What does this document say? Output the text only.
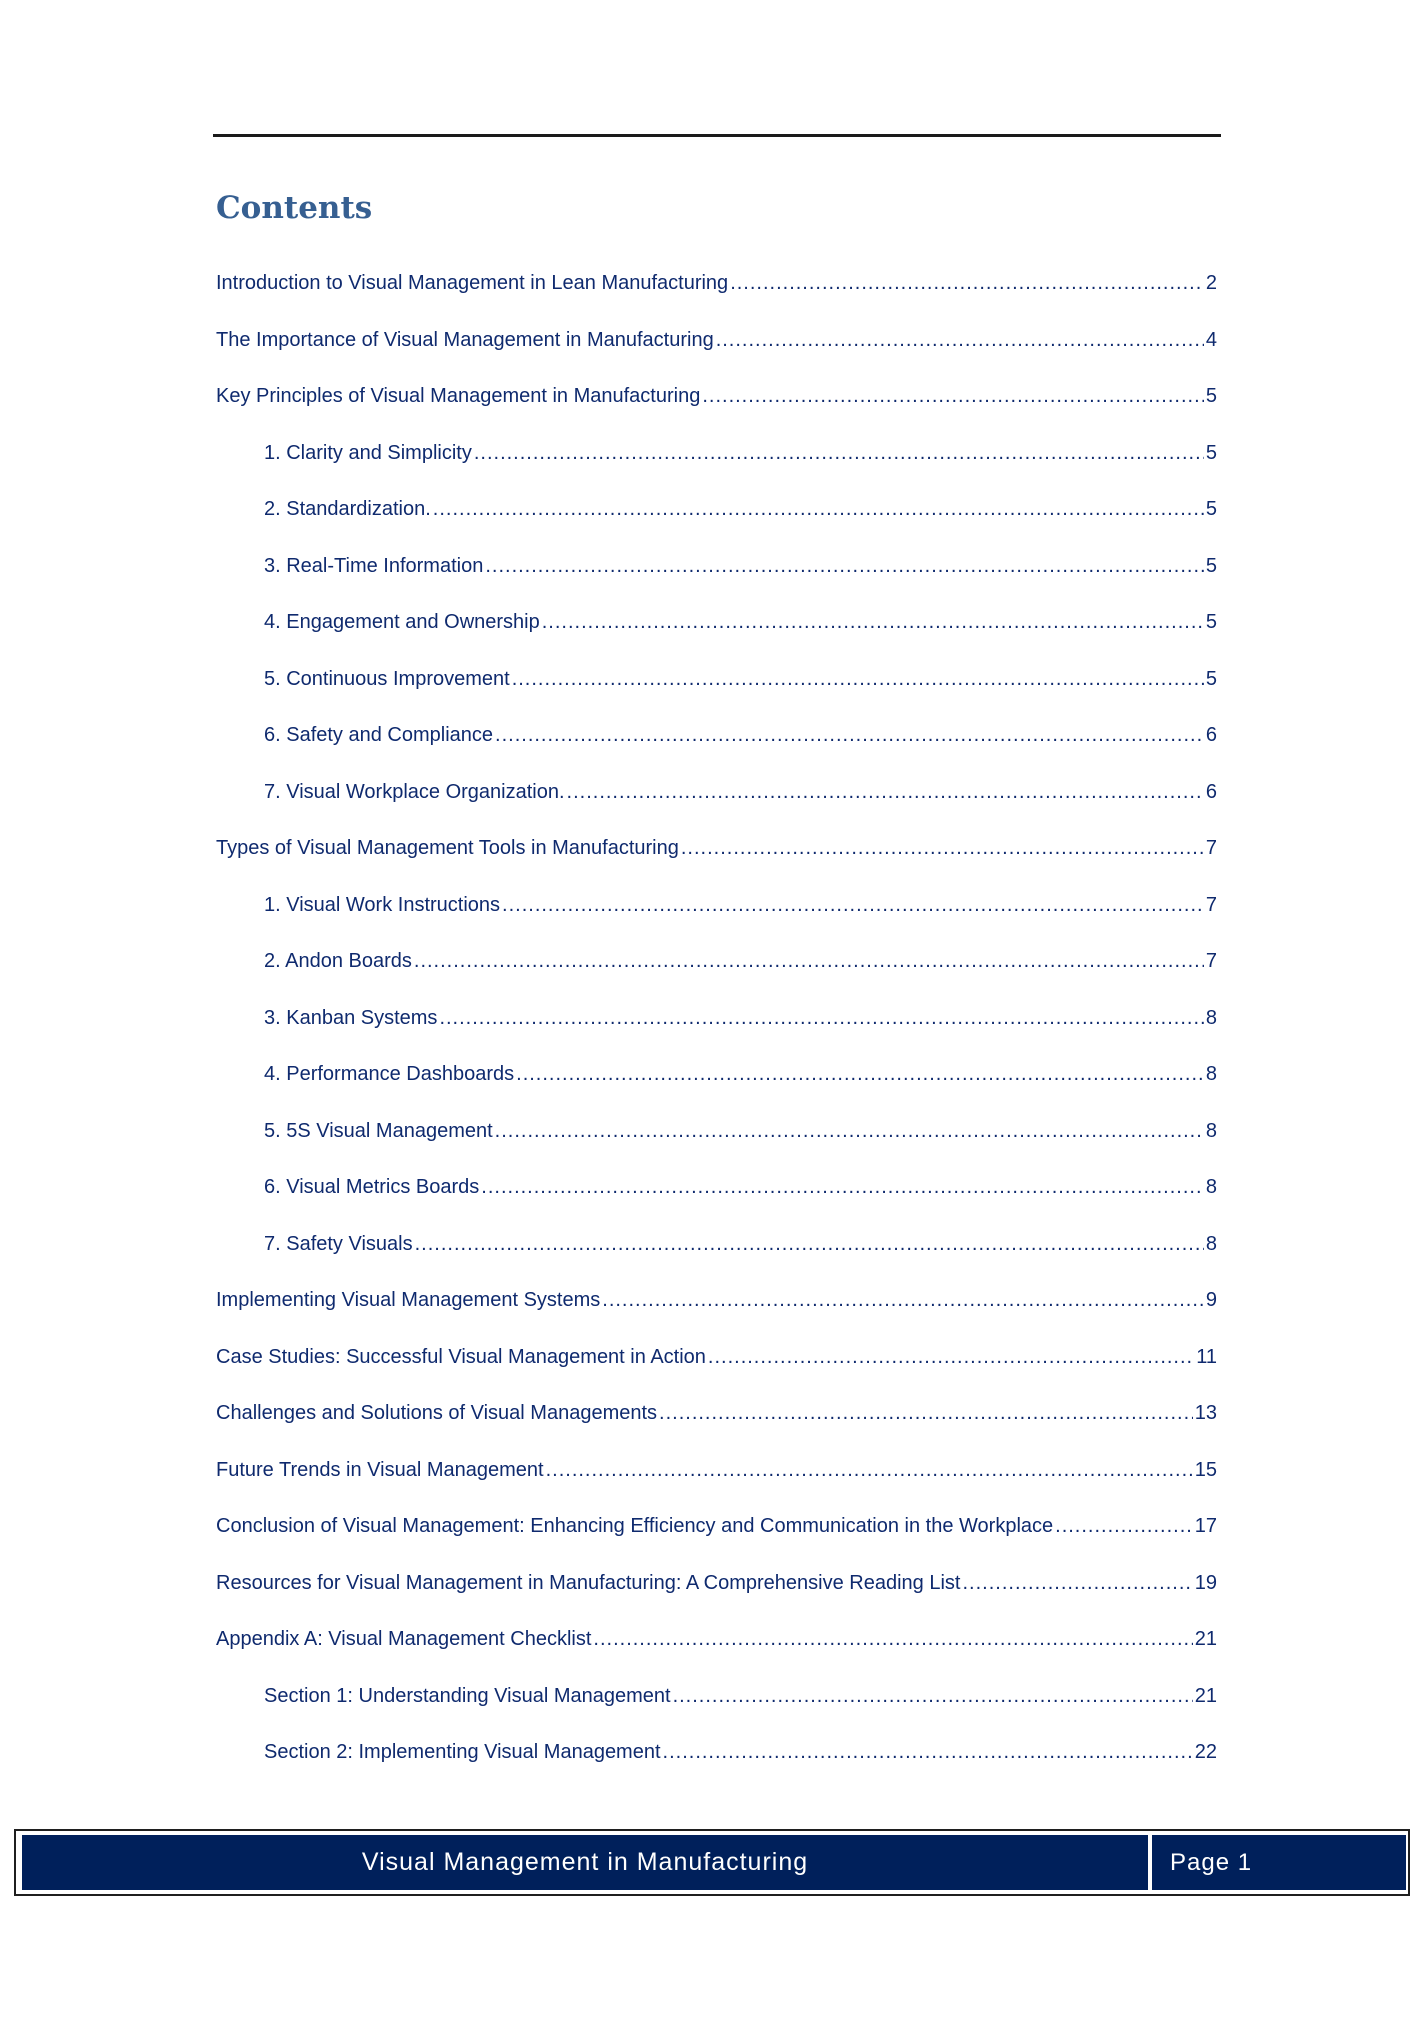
Contents
Introduction to Visual Management in Lean Manufacturing .....	2
The Importance of Visual Management in Manufacturing .....	4
Key Principles of Visual Management in Manufacturing .....	5
1. Clarity and Simplicity .....	5
2. Standardization. .....	5
3. Real-Time Information .....	5
4. Engagement and Ownership .....	5
5. Continuous Improvement .....	5
6. Safety and Compliance .....	6
7. Visual Workplace Organization. .....	6
Types of Visual Management Tools in Manufacturing .....	7
1. Visual Work Instructions .....	7
2. Andon Boards .....	7
3. Kanban Systems .....	8
4. Performance Dashboards .....	8
5. 5S Visual Management .....	8
6. Visual Metrics Boards .....	8
7. Safety Visuals .....	8
Implementing Visual Management Systems .....	9
Case Studies: Successful Visual Management in Action .....	11
Challenges and Solutions of Visual Managements .....	13
Future Trends in Visual Management .....	15
Conclusion of Visual Management: Enhancing Efficiency and Communication in the Workplace .....	17
Resources for Visual Management in Manufacturing: A Comprehensive Reading List .....	19
Appendix A: Visual Management Checklist .....	21
Section 1: Understanding Visual Management .....	21
Section 2: Implementing Visual Management .....	22
Visual Management in Manufacturing	Page 1
